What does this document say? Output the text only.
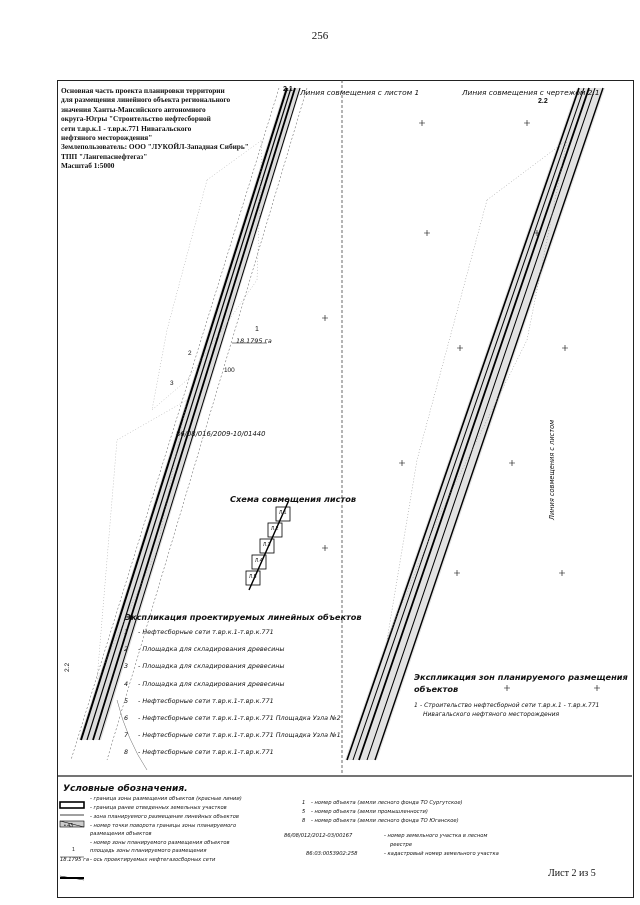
256
Основная часть проекта планировки территории
для размещения линейного объекта регионального
значения Ханты-Мансийского автономного
округа-Югры "Строительство нефтесборной
сети т.вр.к.1 - т.вр.к.771 Нивагальского
нефтяного месторождения"
Землепользователь: ООО "ЛУКОЙЛ-Западная Сибирь"
ТПП "Лангепаснефтегаз"
Масштаб 1:5000
Линия совмещения с листом 1	Линия совмещения с чертежом 2.1
2.2
2.1
1
18.1795 га
2
3
100
86/08/016/2009-10/01440	Линия совмещения с листом
2.2
Схема совмещения листов
Л.1
Л.2
Л.3
Л.4
Л.5
Экспликация проектируемых линейных объектов
1 - Нефтесборные сети т.вр.к.1-т.вр.к.771
2 - Площадка для складирования древесины
3 - Площадка для складирования древесины
4 - Площадка для складирования древесины
5 - Нефтесборные сети т.вр.к.1-т.вр.к.771
6 - Нефтесборные сети т.вр.к.1-т.вр.к.771 Площадка Узла №2
7 - Нефтесборные сети т.вр.к.1-т.вр.к.771 Площадка Узла №1
8 - Нефтесборные сети т.вр.к.1-т.вр.к.771
Экспликация зон планируемого размещения
объектов
1 - Строительство нефтесборной сети т.вр.к.1 - т.вр.к.771
Нивагальского нефтяного месторождения
Условные обозначения.
- граница зоны размещения объектов (красные линии)
- граница ранее отведенных земельных участков
- зона планируемого размещения линейных объектов
- номер точки поворота границы зоны планируемого
размещения объектов
- номер зоны планируемого размещения объектов
площадь зоны планируемого размещения
- ось проектируемых нефтегазосборных сети
• 43
1
18.1795 га
1 - номер объекта (земли лесного фонда ТО Сургутское)
5 - номер объекта (земли промышленности)
8 - номер объекта (земли лесного фонда ТО Юганское)
86/08/012/2012-03/00167	- номер земельного участка в лесном
реестре
86:03:0053902:258	- кадастровый номер земельного участка
Лист 2 из 5
